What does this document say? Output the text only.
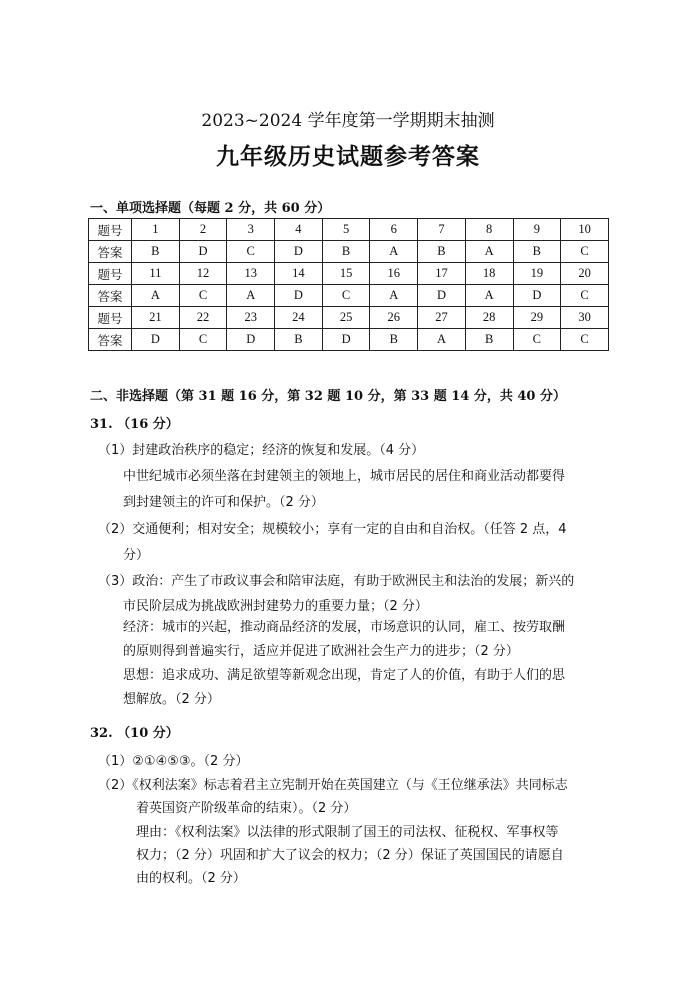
2023~2024 学年度第一学期期末抽测
九年级历史试题参考答案
一、单项选择题（每题 2 分，共 60 分）
题号	1	2	3	4	5	6	7	8	9	10
答案	B	D	C	D	B	A	B	A	B	C
题号	11	12	13	14	15	16	17	18	19	20
答案	A	C	A	D	C	A	D	A	D	C
题号	21	22	23	24	25	26	27	28	29	30
答案	D	C	D	B	D	B	A	B	C	C
二、非选择题（第 31 题 16 分，第 32 题 10 分，第 33 题 14 分，共 40 分）
31. （16 分）
（1）封建政治秩序的稳定；经济的恢复和发展。（4 分）
中世纪城市必须坐落在封建领主的领地上，城市居民的居住和商业活动都要得
到封建领主的许可和保护。（2 分）
（2）交通便利；相对安全；规模较小；享有一定的自由和自治权。（任答 2 点，4
分）
（3）政治：产生了市政议事会和陪审法庭，有助于欧洲民主和法治的发展；新兴的
市民阶层成为挑战欧洲封建势力的重要力量；（2 分）
经济：城市的兴起，推动商品经济的发展，市场意识的认同，雇工、按劳取酬
的原则得到普遍实行，适应并促进了欧洲社会生产力的进步；（2 分）
思想：追求成功、满足欲望等新观念出现，肯定了人的价值，有助于人们的思
想解放。（2 分）
32. （10 分）
（1）②①④⑤③。（2 分）
（2）《权利法案》标志着君主立宪制开始在英国建立（与《王位继承法》共同标志
着英国资产阶级革命的结束）。（2 分）
理由：《权利法案》以法律的形式限制了国王的司法权、征税权、军事权等
权力；（2 分）巩固和扩大了议会的权力；（2 分）保证了英国国民的请愿自
由的权利。（2 分）
